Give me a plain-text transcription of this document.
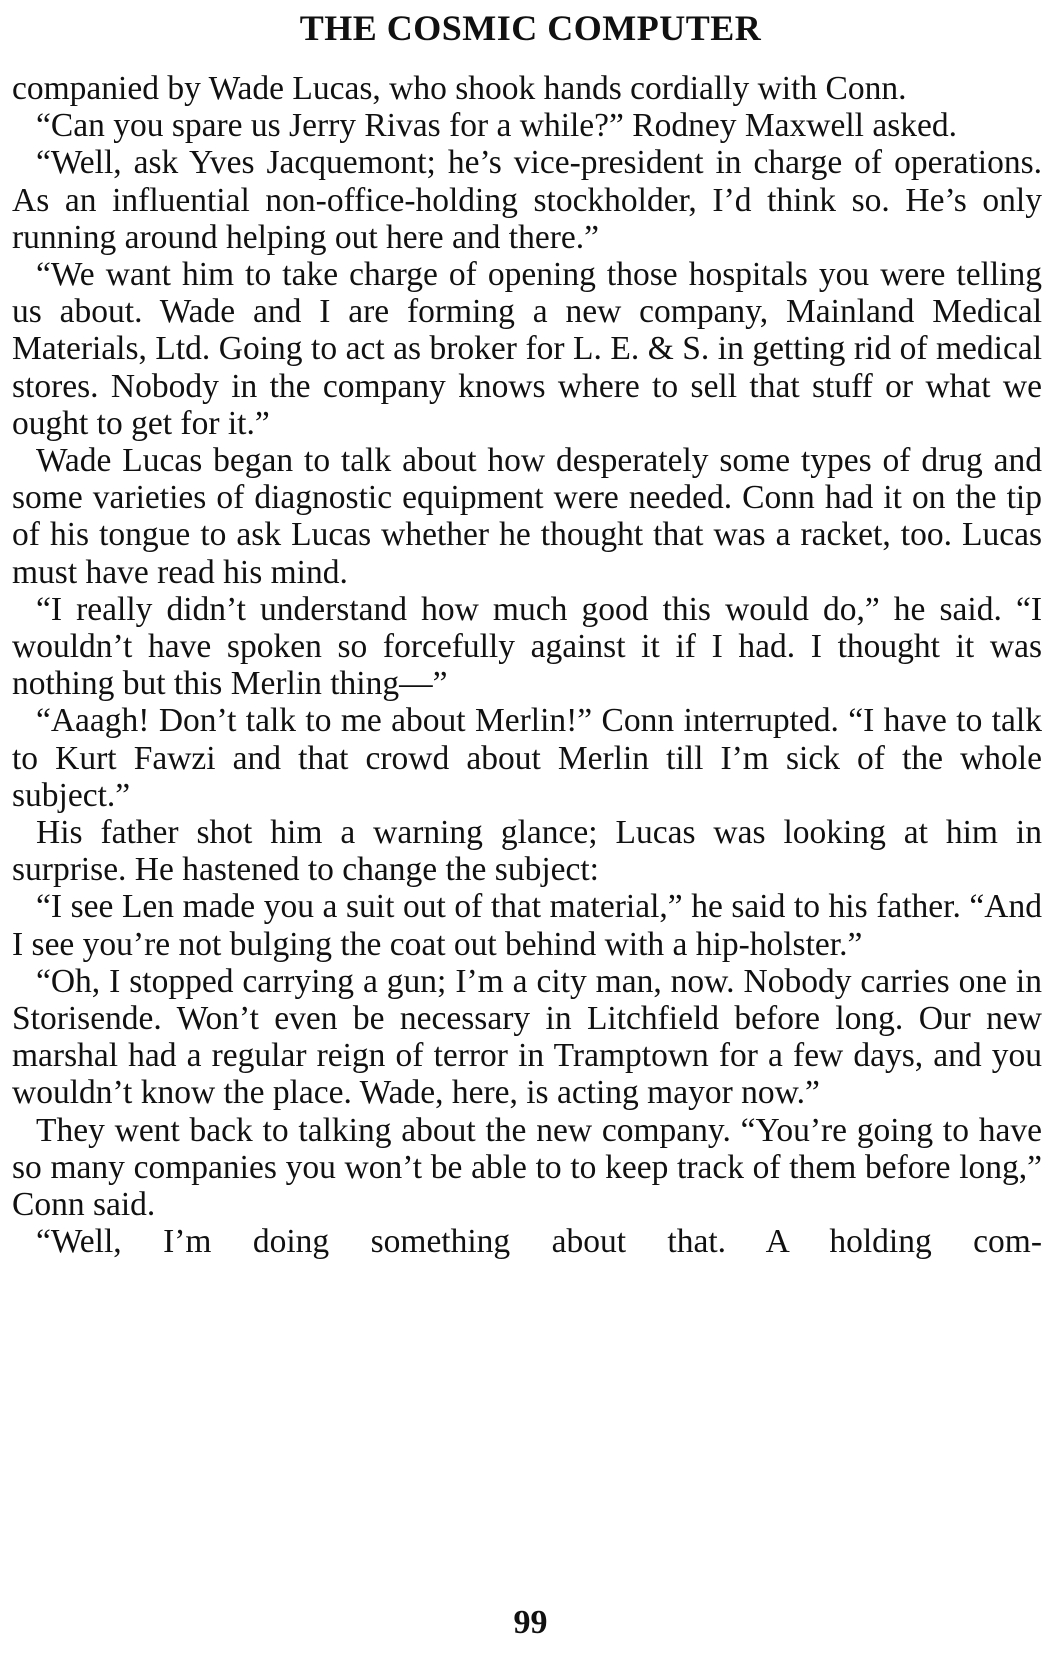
THE COSMIC COMPUTER

companied by Wade Lucas, who shook hands cordially with Conn.

“Can you spare us Jerry Rivas for a while?” Rodney Maxwell asked.

“Well, ask Yves Jacquemont; he’s vice-president in charge of operations. As an influential non-office-holding stockholder, I’d think so. He’s only running around helping out here and there.”

“We want him to take charge of opening those hospitals you were telling us about. Wade and I are forming a new company, Mainland Medical Materials, Ltd. Going to act as broker for L. E. & S. in getting rid of medical stores. Nobody in the company knows where to sell that stuff or what we ought to get for it.”

Wade Lucas began to talk about how desperately some types of drug and some varieties of diagnostic equipment were needed. Conn had it on the tip of his tongue to ask Lucas whether he thought that was a racket, too. Lucas must have read his mind.

“I really didn’t understand how much good this would do,” he said. “I wouldn’t have spoken so forcefully against it if I had. I thought it was nothing but this Merlin thing—”

“Aaagh! Don’t talk to me about Merlin!” Conn interrupted. “I have to talk to Kurt Fawzi and that crowd about Merlin till I’m sick of the whole subject.”

His father shot him a warning glance; Lucas was looking at him in surprise. He hastened to change the subject:

“I see Len made you a suit out of that material,” he said to his father. “And I see you’re not bulging the coat out behind with a hip-holster.”

“Oh, I stopped carrying a gun; I’m a city man, now. Nobody carries one in Storisende. Won’t even be necessary in Litchfield before long. Our new marshal had a regular reign of terror in Tramptown for a few days, and you wouldn’t know the place. Wade, here, is acting mayor now.”

They went back to talking about the new company. “You’re going to have so many companies you won’t be able to to keep track of them before long,” Conn said.

“Well, I’m doing something about that. A holding com-

99
